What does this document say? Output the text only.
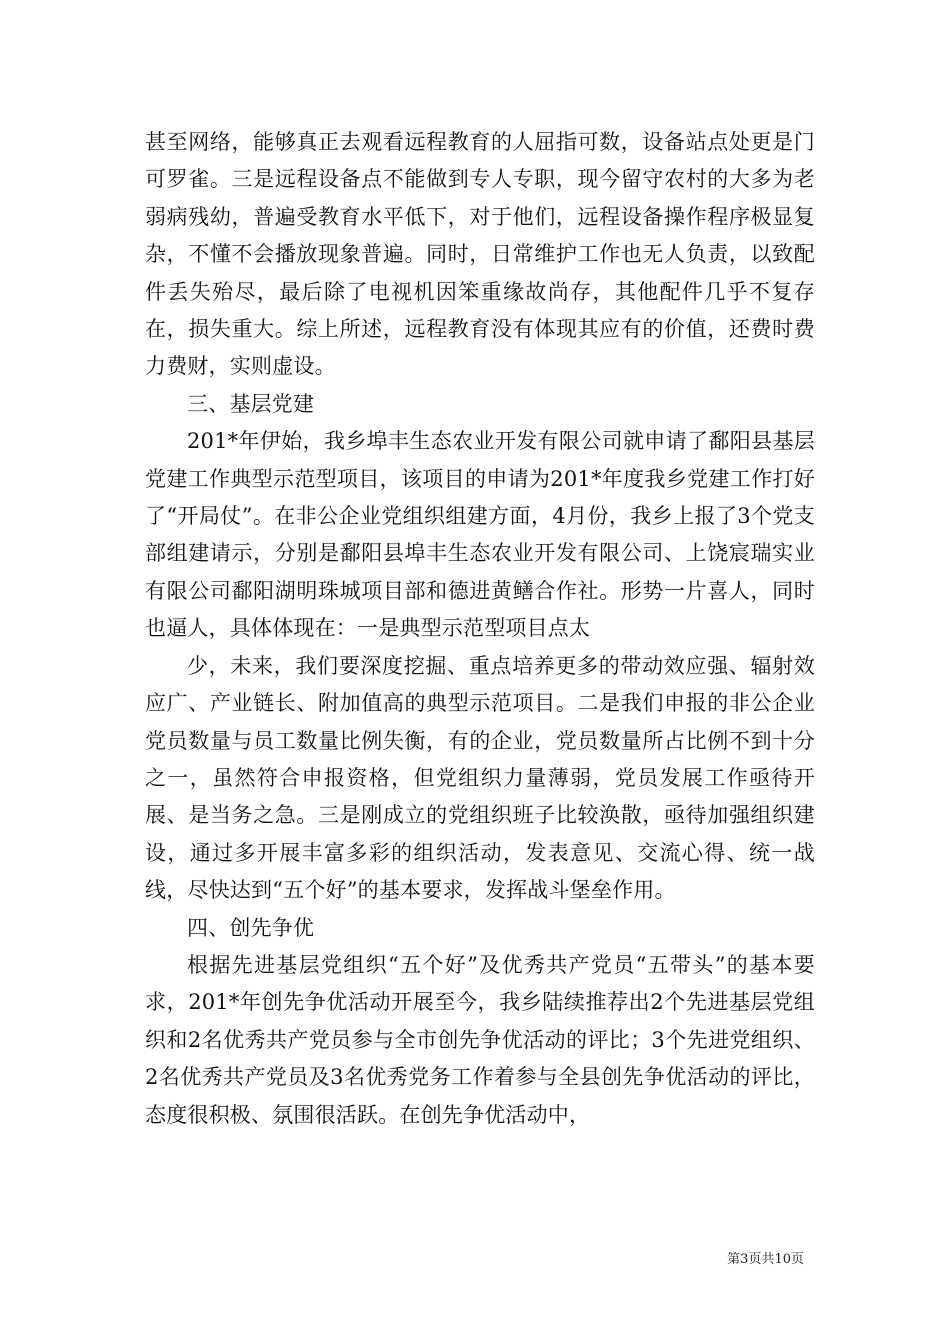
甚至网络，能够真正去观看远程教育的人屈指可数，设备站点处更是门可罗雀。三是远程设备点不能做到专人专职，现今留守农村的大多为老弱病残幼，普遍受教育水平低下，对于他们，远程设备操作程序极显复杂，不懂不会播放现象普遍。同时，日常维护工作也无人负责，以致配件丢失殆尽，最后除了电视机因笨重缘故尚存，其他配件几乎不复存在，损失重大。综上所述，远程教育没有体现其应有的价值，还费时费力费财，实则虚设。

三、基层党建

201*年伊始，我乡埠丰生态农业开发有限公司就申请了鄱阳县基层党建工作典型示范型项目，该项目的申请为201*年度我乡党建工作打好了“开局仗”。在非公企业党组织组建方面，4月份，我乡上报了3个党支部组建请示，分别是鄱阳县埠丰生态农业开发有限公司、上饶宸瑞实业有限公司鄱阳湖明珠城项目部和德进黄鳝合作社。形势一片喜人，同时也逼人，具体体现在：一是典型示范型项目点太

少，未来，我们要深度挖掘、重点培养更多的带动效应强、辐射效应广、产业链长、附加值高的典型示范项目。二是我们申报的非公企业党员数量与员工数量比例失衡，有的企业，党员数量所占比例不到十分之一，虽然符合申报资格，但党组织力量薄弱，党员发展工作亟待开展、是当务之急。三是刚成立的党组织班子比较涣散，亟待加强组织建设，通过多开展丰富多彩的组织活动，发表意见、交流心得、统一战线，尽快达到“五个好”的基本要求，发挥战斗堡垒作用。

四、创先争优

根据先进基层党组织“五个好”及优秀共产党员“五带头”的基本要求，201*年创先争优活动开展至今，我乡陆续推荐出2个先进基层党组织和2名优秀共产党员参与全市创先争优活动的评比；3个先进党组织、2名优秀共产党员及3名优秀党务工作着参与全县创先争优活动的评比，态度很积极、氛围很活跃。在创先争优活动中，

第3页共10页
